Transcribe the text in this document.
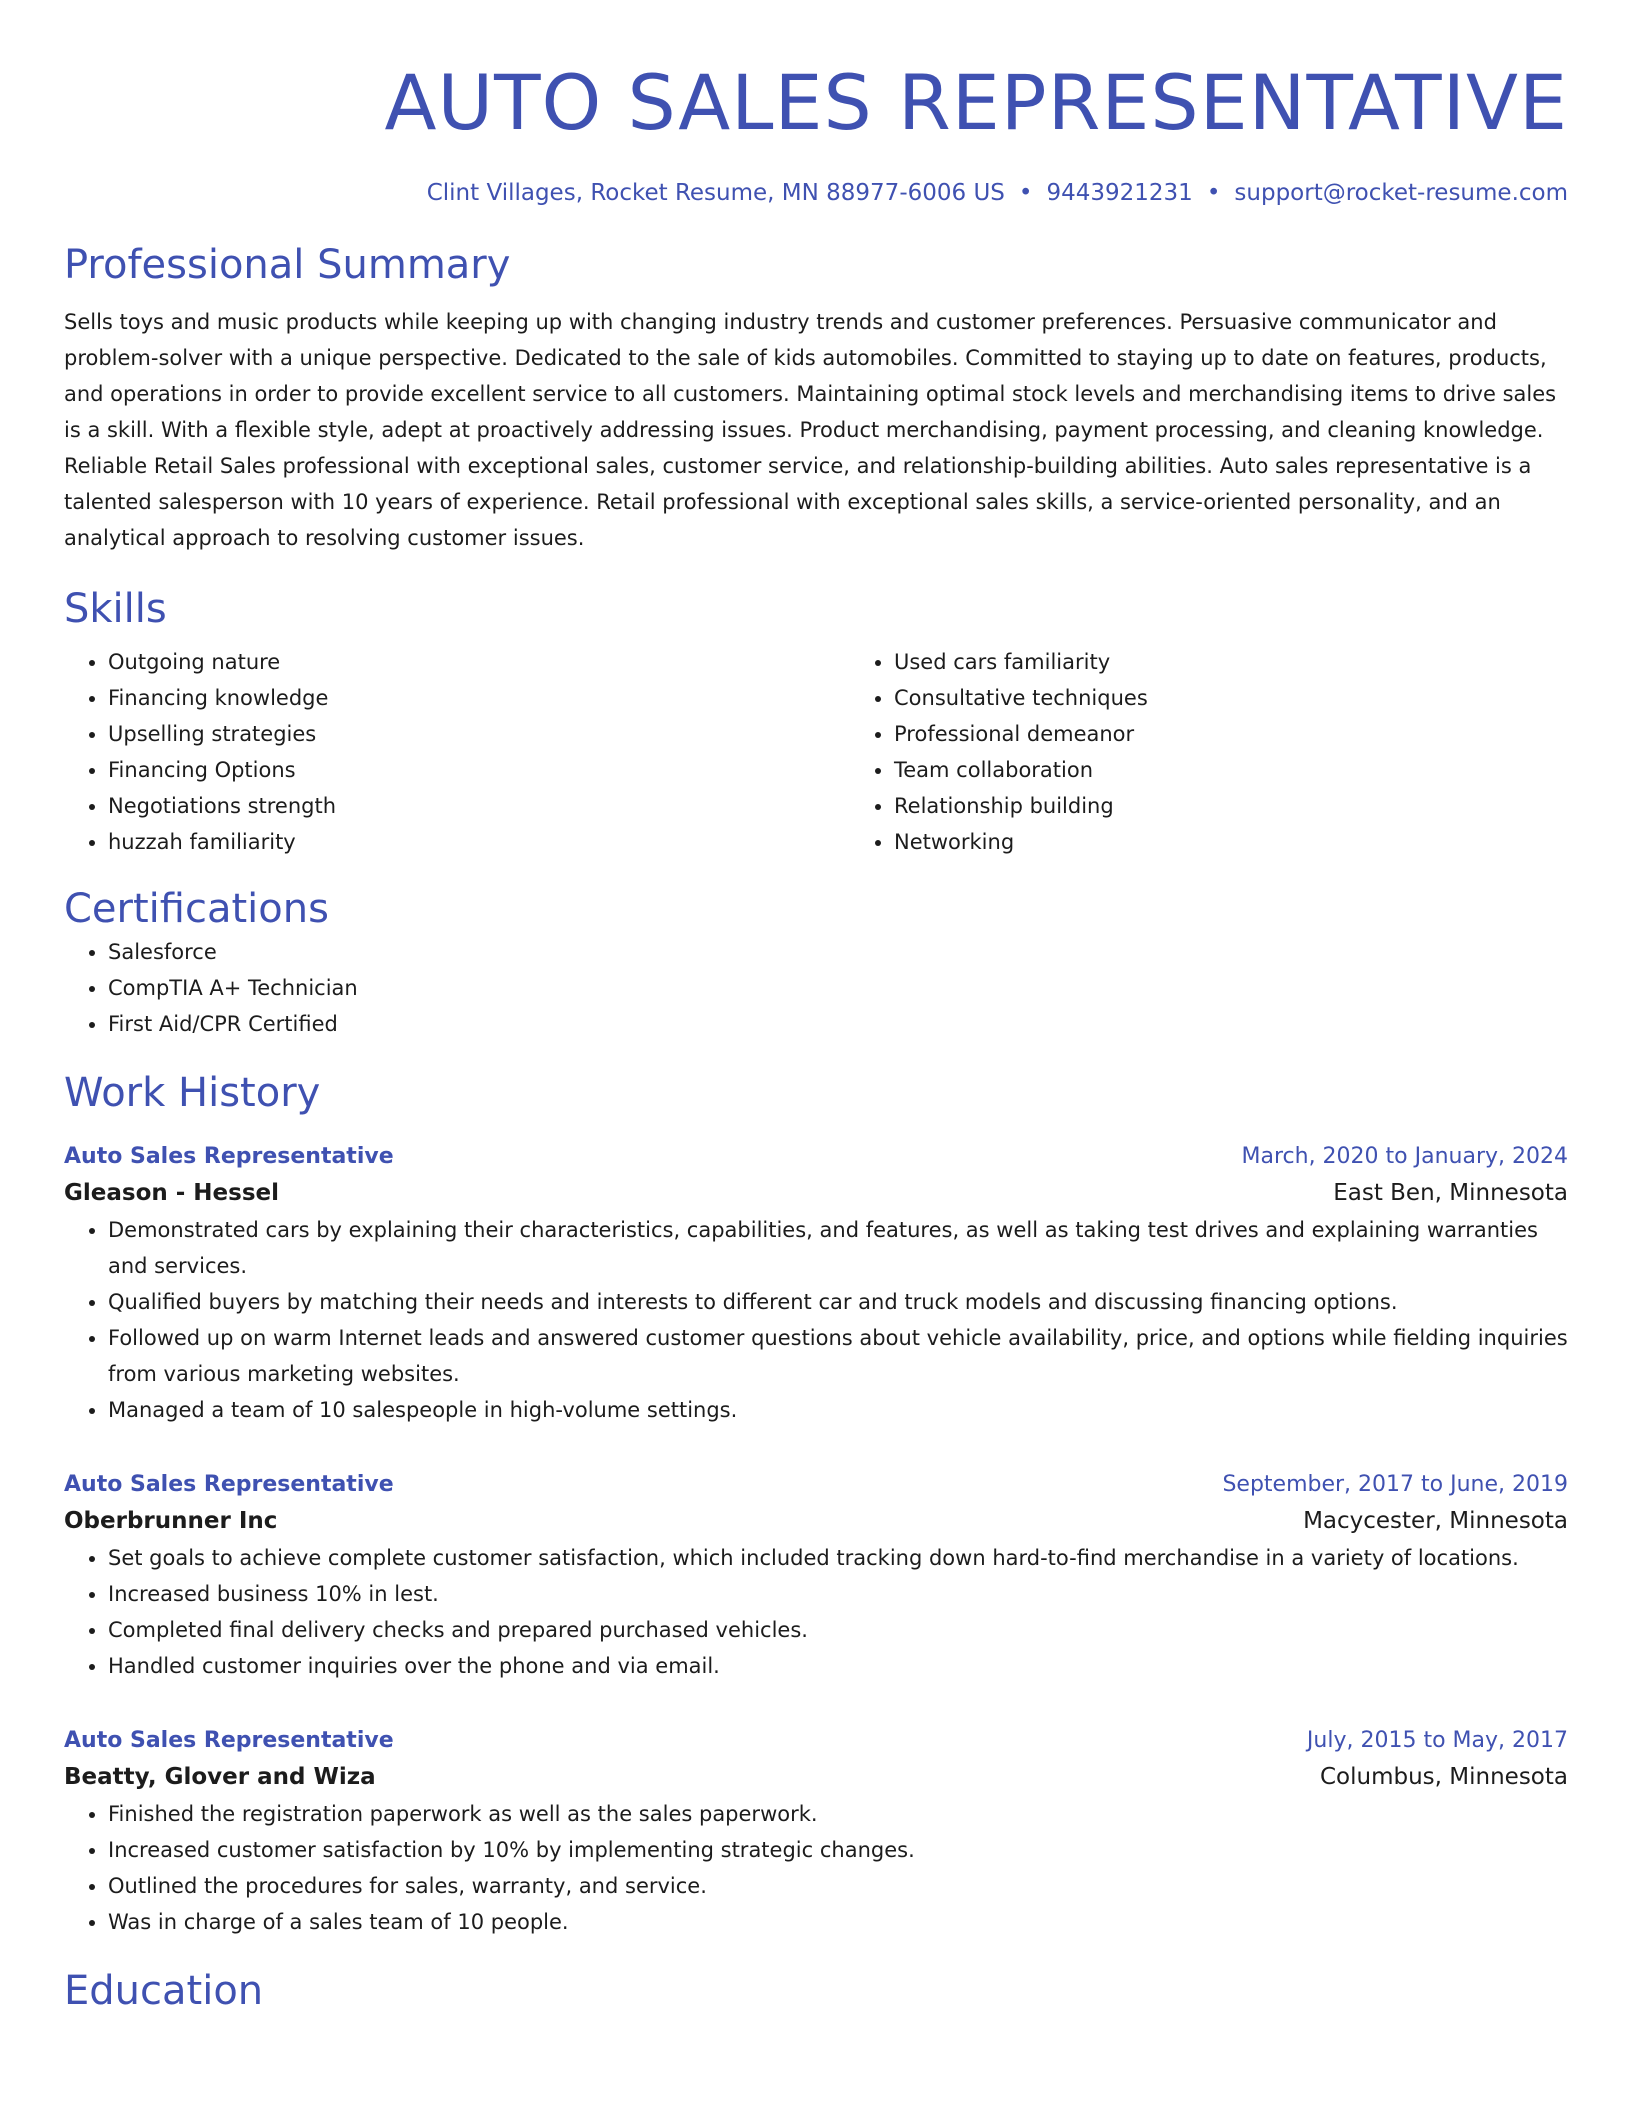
AUTO SALES REPRESENTATIVE
Clint Villages, Rocket Resume, MN 88977-6006 US • 9443921231 • support@rocket-resume.com
Professional Summary
Sells toys and music products while keeping up with changing industry trends and customer preferences. Persuasive communicator and problem-solver with a unique perspective. Dedicated to the sale of kids automobiles. Committed to staying up to date on features, products, and operations in order to provide excellent service to all customers. Maintaining optimal stock levels and merchandising items to drive sales is a skill. With a flexible style, adept at proactively addressing issues. Product merchandising, payment processing, and cleaning knowledge. Reliable Retail Sales professional with exceptional sales, customer service, and relationship-building abilities. Auto sales representative is a talented salesperson with 10 years of experience. Retail professional with exceptional sales skills, a service-oriented personality, and an analytical approach to resolving customer issues.
Skills
• Outgoing nature
• Financing knowledge
• Upselling strategies
• Financing Options
• Negotiations strength
• huzzah familiarity
• Used cars familiarity
• Consultative techniques
• Professional demeanor
• Team collaboration
• Relationship building
• Networking
Certifications
• Salesforce
• CompTIA A+ Technician
• First Aid/CPR Certified
Work History
Auto Sales Representative	March, 2020 to January, 2024
Gleason - Hessel	East Ben, Minnesota
• Demonstrated cars by explaining their characteristics, capabilities, and features, as well as taking test drives and explaining warranties and services.
• Qualified buyers by matching their needs and interests to different car and truck models and discussing financing options.
• Followed up on warm Internet leads and answered customer questions about vehicle availability, price, and options while fielding inquiries from various marketing websites.
• Managed a team of 10 salespeople in high-volume settings.
Auto Sales Representative	September, 2017 to June, 2019
Oberbrunner Inc	Macycester, Minnesota
• Set goals to achieve complete customer satisfaction, which included tracking down hard-to-find merchandise in a variety of locations.
• Increased business 10% in lest.
• Completed final delivery checks and prepared purchased vehicles.
• Handled customer inquiries over the phone and via email.
Auto Sales Representative	July, 2015 to May, 2017
Beatty, Glover and Wiza	Columbus, Minnesota
• Finished the registration paperwork as well as the sales paperwork.
• Increased customer satisfaction by 10% by implementing strategic changes.
• Outlined the procedures for sales, warranty, and service.
• Was in charge of a sales team of 10 people.
Education
